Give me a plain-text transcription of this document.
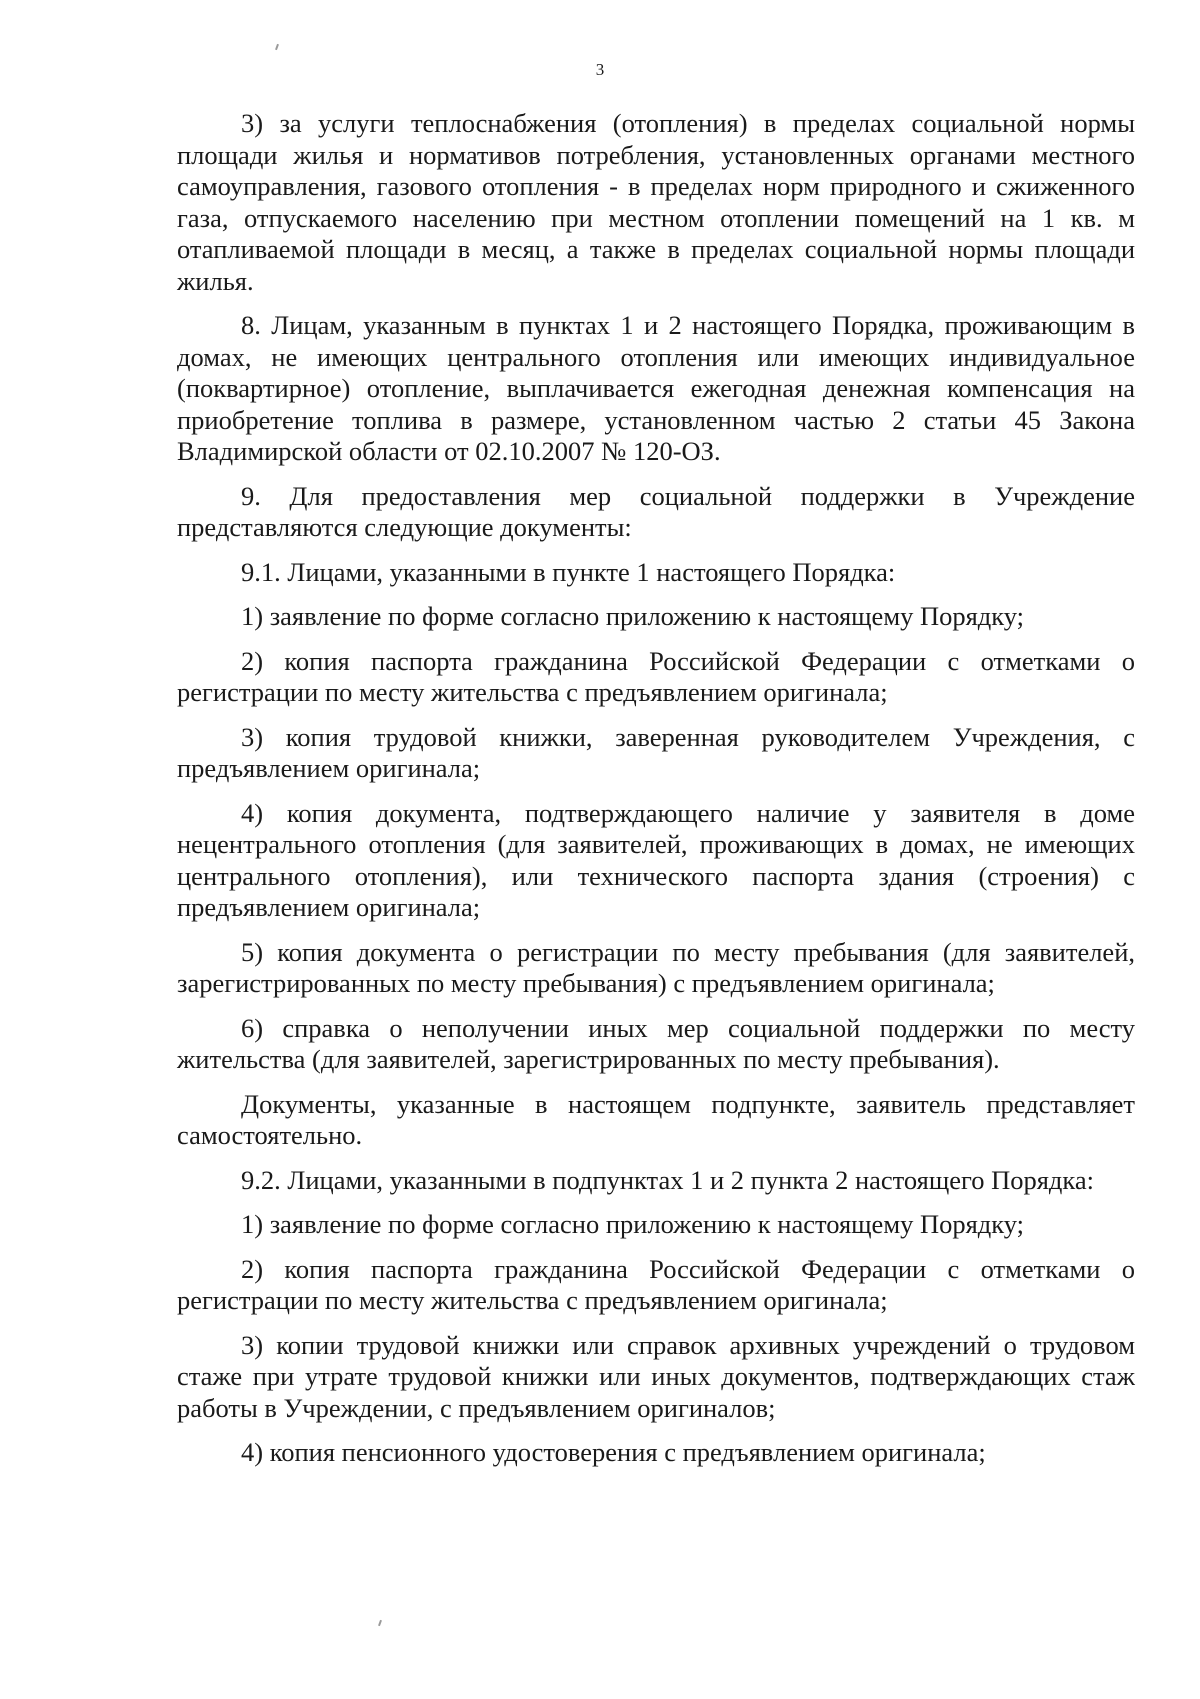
3

3) за услуги теплоснабжения (отопления) в пределах социальной нормы площади жилья и нормативов потребления, установленных органами местного самоуправления, газового отопления - в пределах норм природного и сжиженного газа, отпускаемого населению при местном отоплении помещений на 1 кв. м отапливаемой площади в месяц, а также в пределах социальной нормы площади жилья.

8. Лицам, указанным в пунктах 1 и 2 настоящего Порядка, проживающим в домах, не имеющих центрального отопления или имеющих индивидуальное (поквартирное) отопление, выплачивается ежегодная денежная компенсация на приобретение топлива в размере, установленном частью 2 статьи 45 Закона Владимирской области от 02.10.2007 № 120-ОЗ.

9. Для предоставления мер социальной поддержки в Учреждение представляются следующие документы:

9.1. Лицами, указанными в пункте 1 настоящего Порядка:

1) заявление по форме согласно приложению к настоящему Порядку;

2) копия паспорта гражданина Российской Федерации с отметками о регистрации по месту жительства с предъявлением оригинала;

3) копия трудовой книжки, заверенная руководителем Учреждения, с предъявлением оригинала;

4) копия документа, подтверждающего наличие у заявителя в доме нецентрального отопления (для заявителей, проживающих в домах, не имеющих центрального отопления), или технического паспорта здания (строения) с предъявлением оригинала;

5) копия документа о регистрации по месту пребывания (для заявителей, зарегистрированных по месту пребывания) с предъявлением оригинала;

6) справка о неполучении иных мер социальной поддержки по месту жительства (для заявителей, зарегистрированных по месту пребывания).

Документы, указанные в настоящем подпункте, заявитель представляет самостоятельно.

9.2. Лицами, указанными в подпунктах 1 и 2 пункта 2 настоящего Порядка:

1) заявление по форме согласно приложению к настоящему Порядку;

2) копия паспорта гражданина Российской Федерации с отметками о регистрации по месту жительства с предъявлением оригинала;

3) копии трудовой книжки или справок архивных учреждений о трудовом стаже при утрате трудовой книжки или иных документов, подтверждающих стаж работы в Учреждении, с предъявлением оригиналов;

4) копия пенсионного удостоверения с предъявлением оригинала;
